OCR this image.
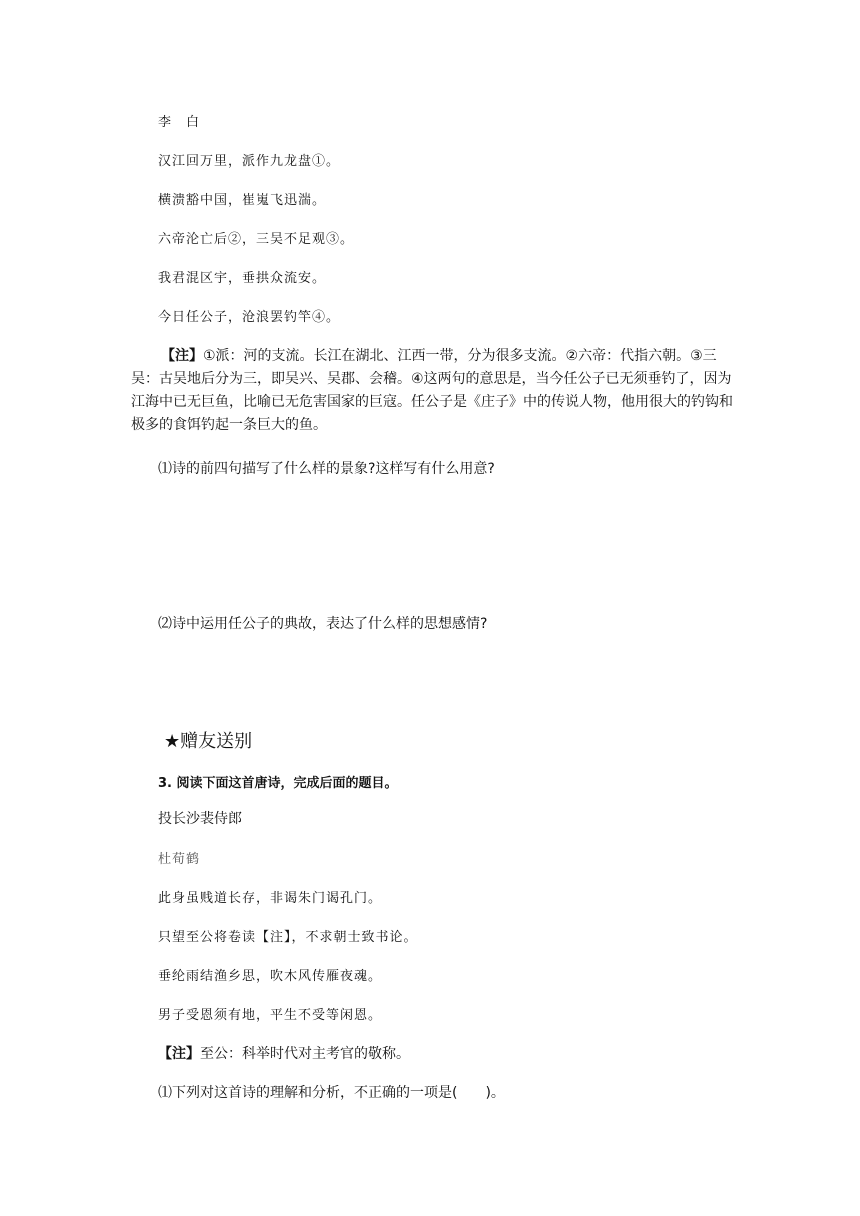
李　白
汉江回万里，派作九龙盘①。
横溃豁中国，崔嵬飞迅湍。
六帝沦亡后②，三吴不足观③。
我君混区宇，垂拱众流安。
今日任公子，沧浪罢钓竿④。
【注】①派：河的支流。长江在湖北、江西一带，分为很多支流。②六帝：代指六朝。③三吴：古吴地后分为三，即吴兴、吴郡、会稽。④这两句的意思是，当今任公子已无须垂钓了，因为江海中已无巨鱼，比喻已无危害国家的巨寇。任公子是《庄子》中的传说人物，他用很大的钓钩和极多的食饵钓起一条巨大的鱼。
⑴诗的前四句描写了什么样的景象?这样写有什么用意?
⑵诗中运用任公子的典故，表达了什么样的思想感情?
★赠友送别
3. 阅读下面这首唐诗，完成后面的题目。
投长沙裴侍郎
杜荀鹤
此身虽贱道长存，非谒朱门谒孔门。
只望至公将卷读【注】，不求朝士致书论。
垂纶雨结渔乡思，吹木风传雁夜魂。
男子受恩须有地，平生不受等闲恩。
【注】至公：科举时代对主考官的敬称。
⑴下列对这首诗的理解和分析，不正确的一项是(　　)。
